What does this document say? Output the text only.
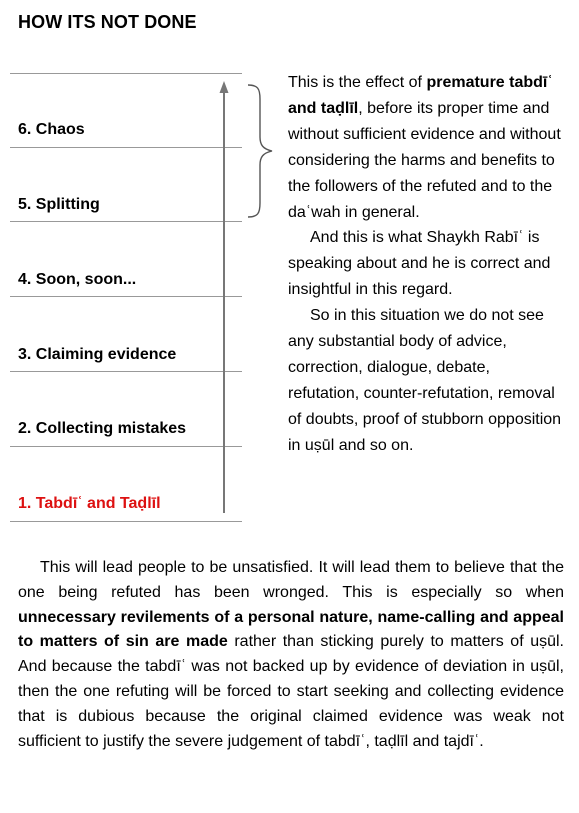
HOW ITS NOT DONE
6. Chaos
5. Splitting
4. Soon, soon...
3. Claiming evidence
2. Collecting mistakes
1. Tabdīʿ and Taḍlīl

This is the effect of premature tabdīʿ and taḍlīl, before its proper time and without sufficient evidence and without considering the harms and benefits to the followers of the refuted and to the daʿwah in general.

And this is what Shaykh Rabīʿ is speaking about and he is correct and insightful in this regard.

So in this situation we do not see any substantial body of advice, correction, dialogue, debate, refutation, counter-refutation, removal of doubts, proof of stubborn opposition in uṣūl and so on.

This will lead people to be unsatisfied. It will lead them to believe that the one being refuted has been wronged. This is especially so when unnecessary revilements of a personal nature, name-calling and appeal to matters of sin are made rather than sticking purely to matters of uṣūl. And because the tabdīʿ was not backed up by evidence of deviation in uṣūl, then the one refuting will be forced to start seeking and collecting evidence that is dubious because the original claimed evidence was weak not sufficient to justify the severe judgement of tabdīʿ, taḍlīl and tajdīʿ.
